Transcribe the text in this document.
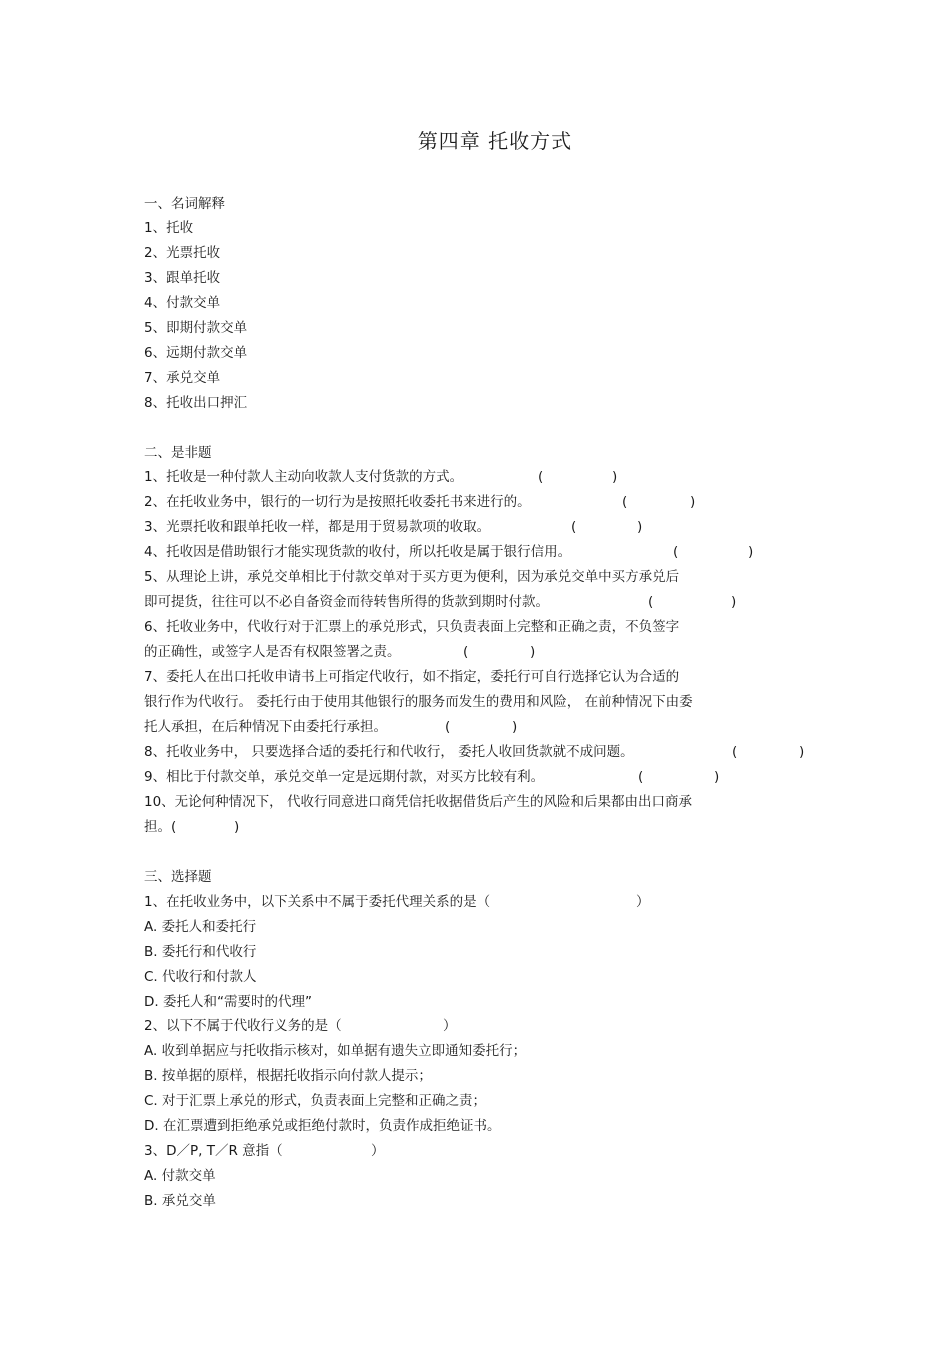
第四章 托收方式
一、名词解释
1、托收
2、光票托收
3、跟单托收
4、付款交单
5、即期付款交单
6、远期付款交单
7、承兑交单
8、托收出口押汇
二、是非题
1、托收是一种付款人主动向收款人支付货款的方式。	(	)
2、在托收业务中，银行的一切行为是按照托收委托书来进行的。	(	)
3、光票托收和跟单托收一样，都是用于贸易款项的收取。	(	)
4、托收因是借助银行才能实现货款的收付，所以托收是属于银行信用。	(	)
5、从理论上讲，承兑交单相比于付款交单对于买方更为便利，因为承兑交单中买方承兑后
即可提货，往往可以不必自备资金而待转售所得的货款到期时付款。	(	)
6、托收业务中，代收行对于汇票上的承兑形式，只负责表面上完整和正确之责，不负签字
的正确性，或签字人是否有权限签署之责。	(	)
7、委托人在出口托收申请书上可指定代收行，如不指定，委托行可自行选择它认为合适的
银行作为代收行。 委托行由于使用其他银行的服务而发生的费用和风险， 在前种情况下由委
托人承担，在后种情况下由委托行承担。	(	)
8、托收业务中， 只要选择合适的委托行和代收行， 委托人收回货款就不成问题。	(	)
9、相比于付款交单，承兑交单一定是远期付款，对买方比较有利。	(	)
10、无论何种情况下， 代收行同意进口商凭信托收据借货后产生的风险和后果都由出口商承
担。(	)
三、选择题
1、在托收业务中，以下关系中不属于委托代理关系的是（	）
A. 委托人和委托行
B. 委托行和代收行
C. 代收行和付款人
D. 委托人和“需要时的代理”
2、以下不属于代收行义务的是（	）
A. 收到单据应与托收指示核对，如单据有遗失立即通知委托行；
B. 按单据的原样，根据托收指示向付款人提示；
C. 对于汇票上承兑的形式，负责表面上完整和正确之责；
D. 在汇票遭到拒绝承兑或拒绝付款时，负责作成拒绝证书。
3、D／P, T／R 意指（	）
A. 付款交单
B. 承兑交单
